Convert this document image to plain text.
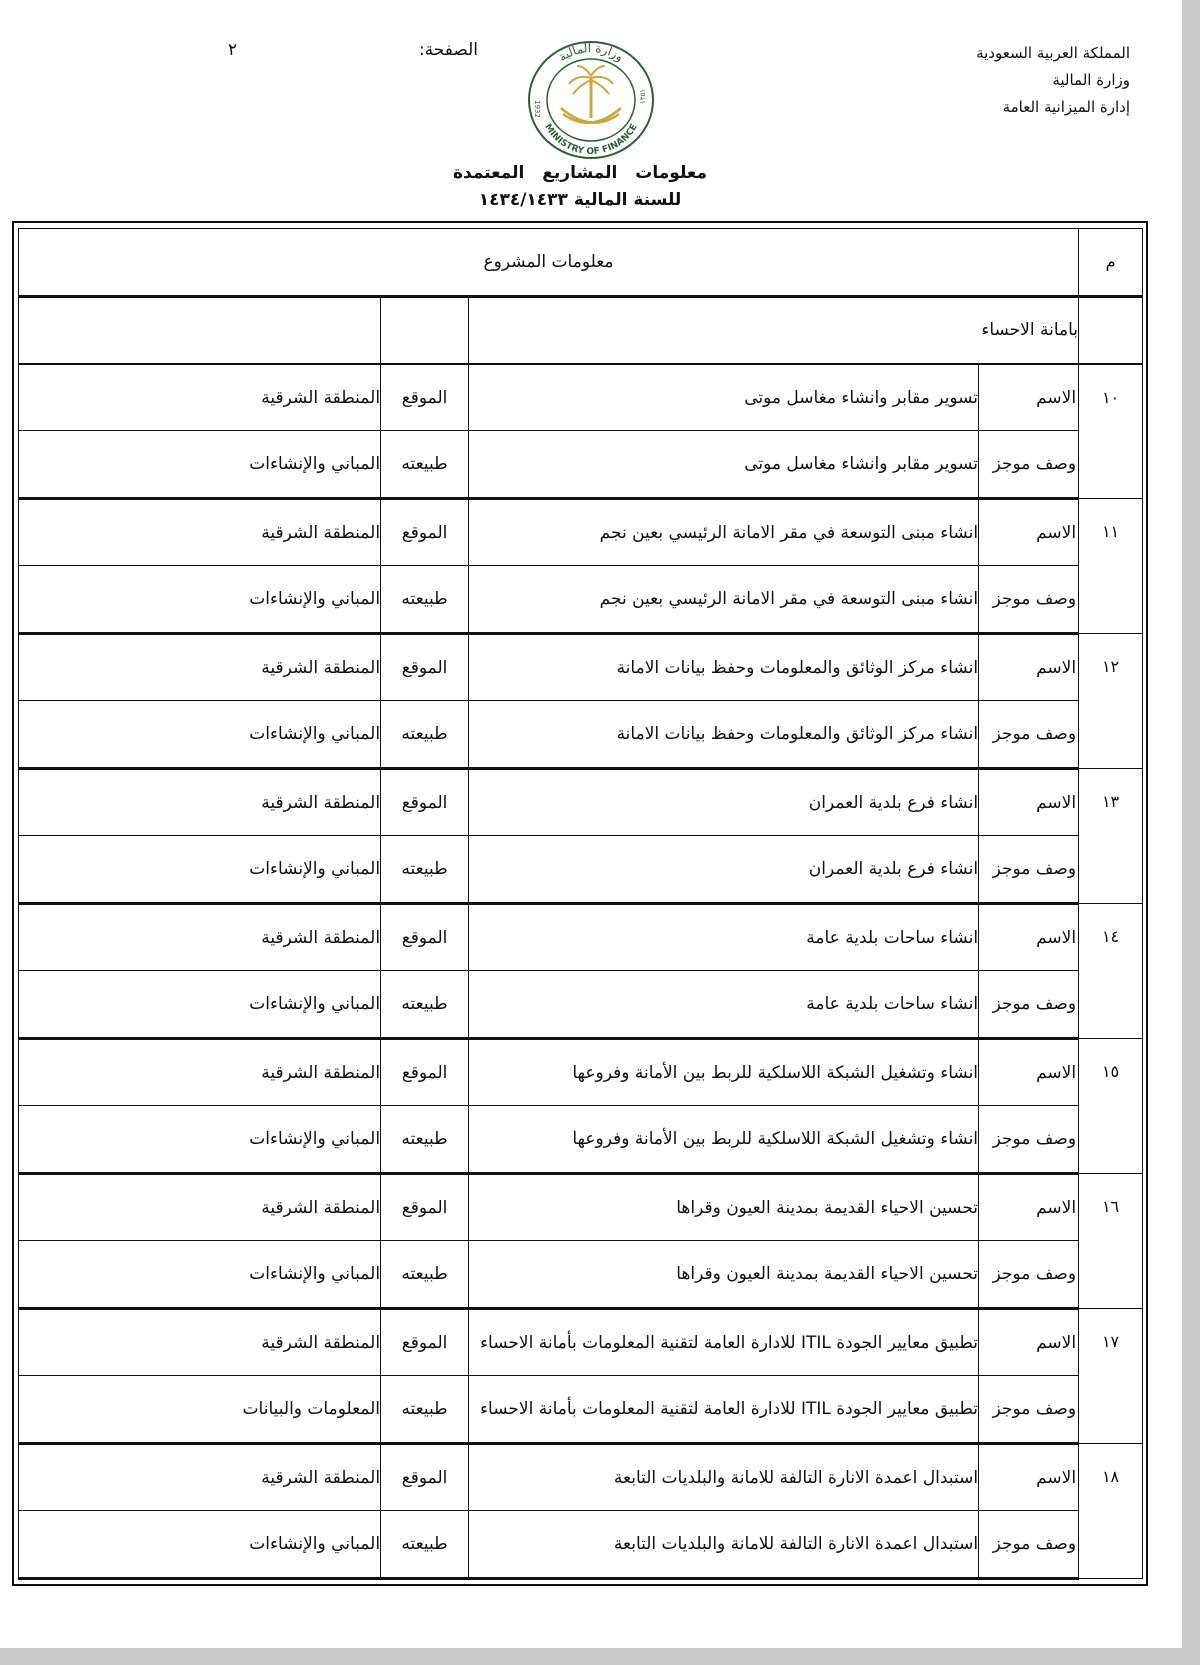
المملكة العربية السعودية
وزارة المالية
إدارة الميزانية العامة
الصفحة:
٢	وزارة المالية
MINISTRY OF FINANCE
1932
١٣٥١
معلومات المشاريع المعتمدة
للسنة المالية ١٤٣٤/١٤٣٣
م	معلومات المشروع			
	بامانة الاحساء			
١٠	الاسم	تسوير مقابر وانشاء مغاسل موتى	الموقع	المنطقة الشرقية
	وصف موجز	تسوير مقابر وانشاء مغاسل موتى	طبيعته	المباني والإنشاءات
١١	الاسم	انشاء مبنى التوسعة في مقر الامانة الرئيسي بعين نجم	الموقع	المنطقة الشرقية
	وصف موجز	انشاء مبنى التوسعة في مقر الامانة الرئيسي بعين نجم	طبيعته	المباني والإنشاءات
١٢	الاسم	انشاء مركز الوثائق والمعلومات وحفظ بيانات الامانة	الموقع	المنطقة الشرقية
	وصف موجز	انشاء مركز الوثائق والمعلومات وحفظ بيانات الامانة	طبيعته	المباني والإنشاءات
١٣	الاسم	انشاء فرع بلدية العمران	الموقع	المنطقة الشرقية
	وصف موجز	انشاء فرع بلدية العمران	طبيعته	المباني والإنشاءات
١٤	الاسم	انشاء ساحات بلدية عامة	الموقع	المنطقة الشرقية
	وصف موجز	انشاء ساحات بلدية عامة	طبيعته	المباني والإنشاءات
١٥	الاسم	انشاء وتشغيل الشبكة اللاسلكية للربط بين الأمانة وفروعها	الموقع	المنطقة الشرقية
	وصف موجز	انشاء وتشغيل الشبكة اللاسلكية للربط بين الأمانة وفروعها	طبيعته	المباني والإنشاءات
١٦	الاسم	تحسين الاحياء القديمة بمدينة العيون وقراها	الموقع	المنطقة الشرقية
	وصف موجز	تحسين الاحياء القديمة بمدينة العيون وقراها	طبيعته	المباني والإنشاءات
١٧	الاسم	تطبيق معايير الجودة ITIL للادارة العامة لتقنية المعلومات بأمانة الاحساء	الموقع	المنطقة الشرقية
	وصف موجز	تطبيق معايير الجودة ITIL للادارة العامة لتقنية المعلومات بأمانة الاحساء	طبيعته	المعلومات والبيانات
١٨	الاسم	استبدال اعمدة الانارة التالفة للامانة والبلديات التابعة	الموقع	المنطقة الشرقية
	وصف موجز	استبدال اعمدة الانارة التالفة للامانة والبلديات التابعة	طبيعته	المباني والإنشاءات
